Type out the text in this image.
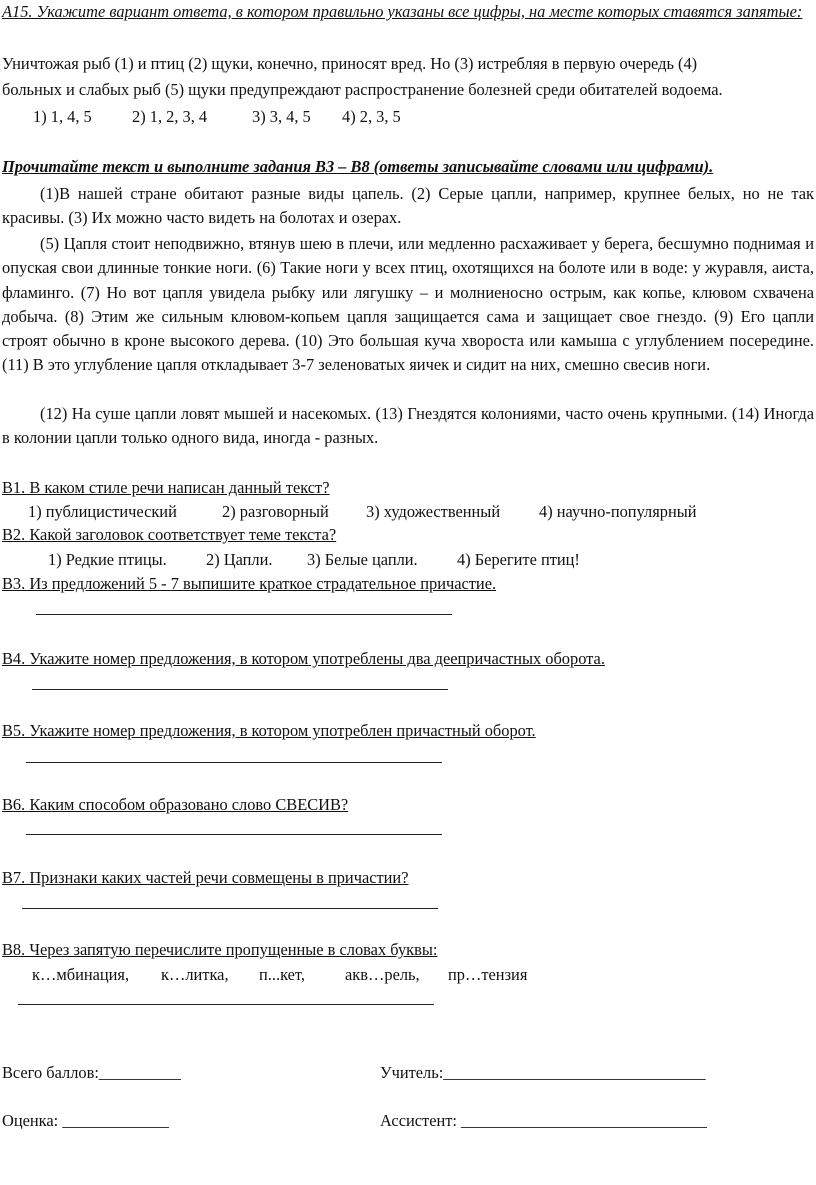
А15. Укажите вариант ответа, в котором правильно указаны все цифры, на месте которых ставятся запятые:
Уничтожая рыб (1) и птиц (2) щуки, конечно, приносят вред. Но (3) истребляя в первую очередь (4)
больных и слабых рыб (5) щуки предупреждают распространение болезней среди обитателей водоема.
1) 1, 4, 5 2) 1, 2, 3, 4	3) 3, 4, 5 4) 2, 3, 5
Прочитайте текст и выполните задания В3 – В8 (ответы записывайте словами или цифрами).
(1)В нашей стране обитают разные виды цапель. (2) Серые цапли, например, крупнее белых, но не так красивы. (3) Их можно часто видеть на болотах и озерах.
(5) Цапля стоит неподвижно, втянув шею в плечи, или медленно расхаживает у берега, бесшумно поднимая и опуская свои длинные тонкие ноги. (6) Такие ноги у всех птиц, охотящихся на болоте или в воде: у журавля, аиста, фламинго. (7) Но вот цапля увидела рыбку или лягушку – и молниеносно острым, как копье, клювом схвачена добыча. (8) Этим же сильным клювом-копьем цапля защищается сама и защищает свое гнездо. (9) Его цапли строят обычно в кроне высокого дерева. (10) Это большая куча хвороста или камыша с углублением посередине. (11) В это углубление цапля откладывает 3-7 зеленоватых яичек и сидит на них, смешно свесив ноги.
(12) На суше цапли ловят мышей и насекомых. (13) Гнездятся колониями, часто очень крупными. (14) Иногда в колонии цапли только одного вида, иногда - разных.
В1. В каком стиле речи написан данный текст?
1) публицистический	2) разговорный 3) художественный 4) научно-популярный
В2. Какой заголовок соответствует теме текста?
1) Редкие птицы. 2) Цапли. 3) Белые цапли. 4) Берегите птиц!
В3. Из предложений 5 - 7 выпишите краткое страдательное причастие.
В4. Укажите номер предложения, в котором употреблены два деепричастных оборота.
В5. Укажите номер предложения, в котором употреблен причастный оборот.
В6. Каким способом образовано слово СВЕСИВ?
В7. Признаки каких частей речи совмещены в причастии?
В8. Через запятую перечислите пропущенные в словах буквы:
к…мбинация, к…литка, п...кет, акв…рель, пр…тензия
Всего баллов:__________	Учитель:________________________________
Оценка: _____________	Ассистент: ______________________________
